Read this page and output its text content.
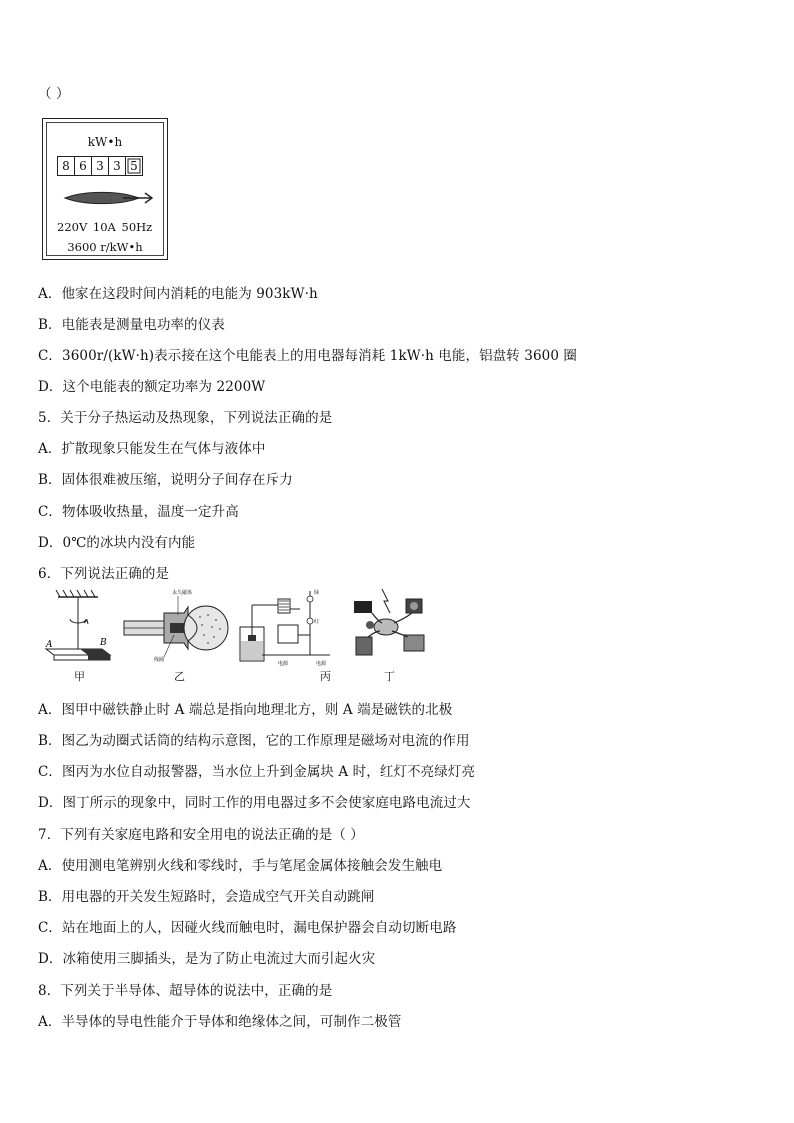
（ ）
kW•h
8 6 3 3 5
220V 10A 50Hz
3600 r/kW•h
A．他家在这段时间内消耗的电能为 903kW·h
B．电能表是测量电功率的仪表
C．3600r/(kW·h)表示接在这个电能表上的用电器每消耗 1kW·h 电能，铝盘转 3600 圈
D．这个电能表的额定功率为 2200W
5．关于分子热运动及热现象，下列说法正确的是
A．扩散现象只能发生在气体与液体中
B．固体很难被压缩，说明分子间存在斥力
C．物体吸收热量，温度一定升高
D．0℃的冰块内没有内能
6．下列说法正确的是
A	B
甲
永久磁体
线圈
乙
绿
红
电源	电源
丙	丁
A．图甲中磁铁静止时 A 端总是指向地理北方，则 A 端是磁铁的北极
B．图乙为动圈式话筒的结构示意图，它的工作原理是磁场对电流的作用
C．图丙为水位自动报警器，当水位上升到金属块 A 时，红灯不亮绿灯亮
D．图丁所示的现象中，同时工作的用电器过多不会使家庭电路电流过大
7．下列有关家庭电路和安全用电的说法正确的是（ ）
A．使用测电笔辨别火线和零线时，手与笔尾金属体接触会发生触电
B．用电器的开关发生短路时，会造成空气开关自动跳闸
C．站在地面上的人，因碰火线而触电时，漏电保护器会自动切断电路
D．冰箱使用三脚插头，是为了防止电流过大而引起火灾
8．下列关于半导体、超导体的说法中，正确的是
A．半导体的导电性能介于导体和绝缘体之间，可制作二极管
